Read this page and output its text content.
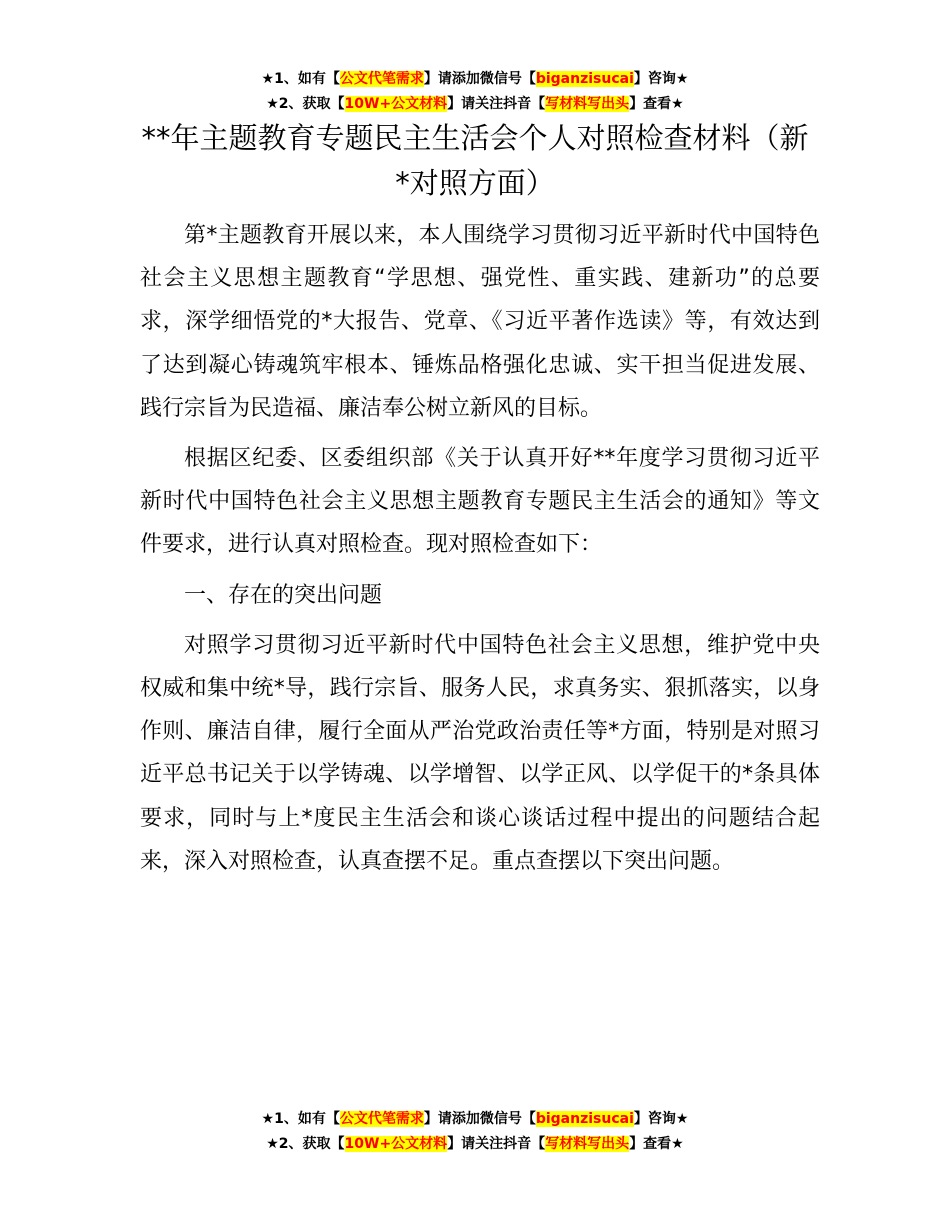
★1、如有【公文代笔需求】请添加微信号【biganzisucai】咨询★
★2、获取【10W+公文材料】请关注抖音【写材料写出头】查看★
**年主题教育专题民主生活会个人对照检查材料（新*对照方面）

第*主题教育开展以来，本人围绕学习贯彻习近平新时代中国特色社会主义思想主题教育“学思想、强党性、重实践、建新功”的总要求，深学细悟党的*大报告、党章、《习近平著作选读》等，有效达到了达到凝心铸魂筑牢根本、锤炼品格强化忠诚、实干担当促进发展、践行宗旨为民造福、廉洁奉公树立新风的目标。

根据区纪委、区委组织部《关于认真开好**年度学习贯彻习近平新时代中国特色社会主义思想主题教育专题民主生活会的通知》等文件要求，进行认真对照检查。现对照检查如下：

一、存在的突出问题

对照学习贯彻习近平新时代中国特色社会主义思想，维护党中央权威和集中统*导，践行宗旨、服务人民，求真务实、狠抓落实，以身作则、廉洁自律，履行全面从严治党政治责任等*方面，特别是对照习近平总书记关于以学铸魂、以学增智、以学正风、以学促干的*条具体要求，同时与上*度民主生活会和谈心谈话过程中提出的问题结合起来，深入对照检查，认真查摆不足。重点查摆以下突出问题。

★1、如有【公文代笔需求】请添加微信号【biganzisucai】咨询★
★2、获取【10W+公文材料】请关注抖音【写材料写出头】查看★
